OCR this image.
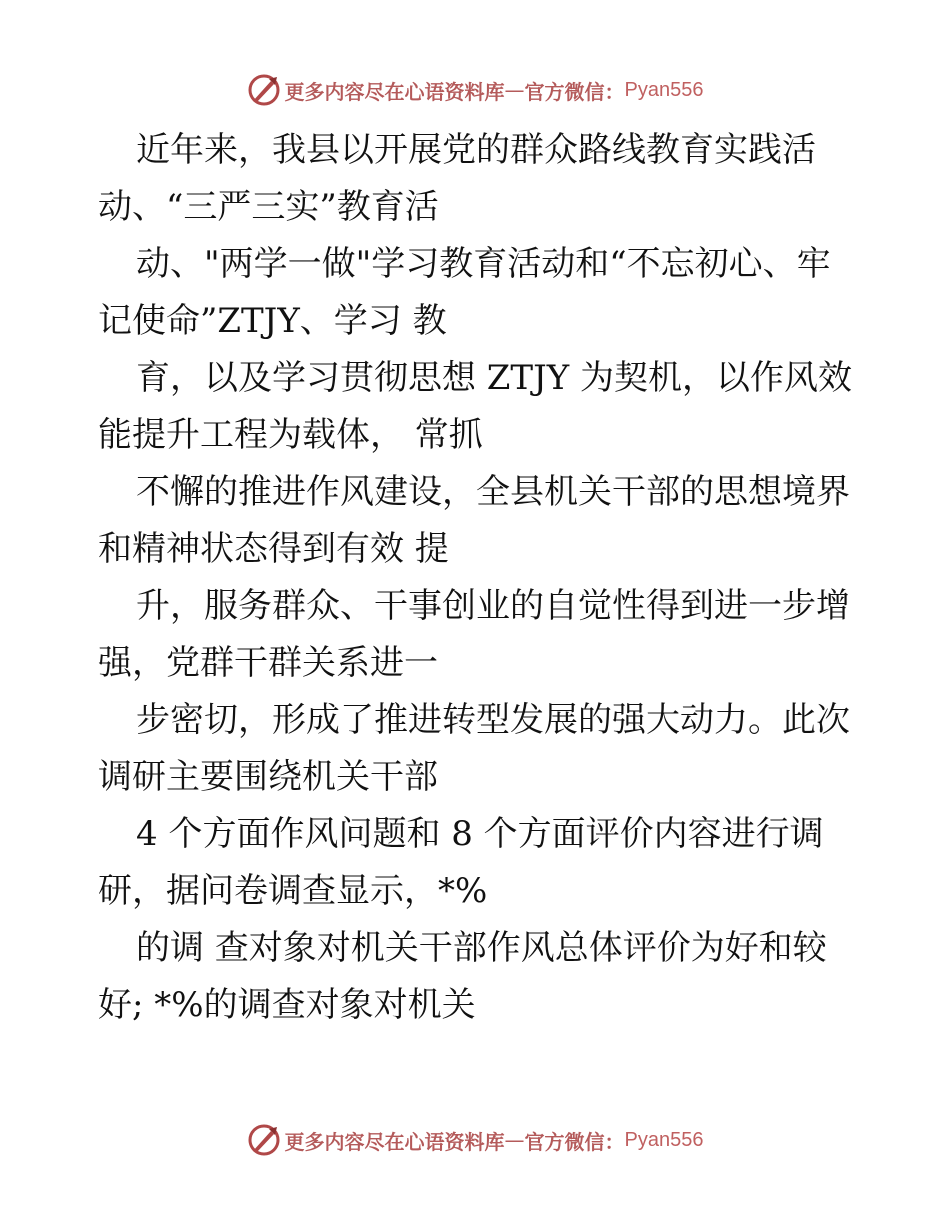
更多内容尽在心语资料库 — 官方微信： Pyan556

近年来，我县以开展党的群众路线教育实践活
动、“三严三实”教育活

动、"两学一做"学习教育活动和“不忘初心、牢
记使命”ZTJY、学习 教

育，以及学习贯彻思想 ZTJY 为契机，以作风效
能提升工程为载体， 常抓

不懈的推进作风建设，全县机关干部的思想境界
和精神状态得到有效 提

升，服务群众、干事创业的自觉性得到进一步增
强，党群干群关系进一

步密切，形成了推进转型发展的强大动力。此次
调研主要围绕机关干部

4 个方面作风问题和 8 个方面评价内容进行调
研，据问卷调查显示，*%

的调 查对象对机关干部作风总体评价为好和较
好; *%的调查对象对机关

更多内容尽在心语资料库 — 官方微信： Pyan556
